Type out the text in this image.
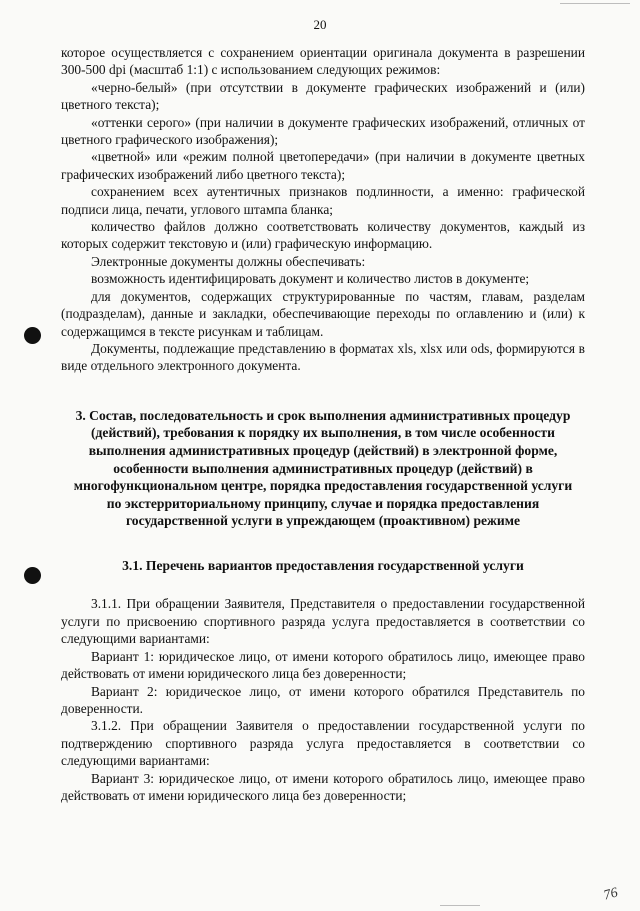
20

которое осуществляется с сохранением ориентации оригинала документа в разрешении 300-500 dpi (масштаб 1:1) с использованием следующих режимов:

«черно-белый» (при отсутствии в документе графических изображений и (или) цветного текста);

«оттенки серого» (при наличии в документе графических изображений, отличных от цветного графического изображения);

«цветной» или «режим полной цветопередачи» (при наличии в документе цветных графических изображений либо цветного текста);

сохранением всех аутентичных признаков подлинности, а именно: графической подписи лица, печати, углового штампа бланка;

количество файлов должно соответствовать количеству документов, каждый из которых содержит текстовую и (или) графическую информацию.

Электронные документы должны обеспечивать:

возможность идентифицировать документ и количество листов в документе;

для документов, содержащих структурированные по частям, главам, разделам (подразделам), данные и закладки, обеспечивающие переходы по оглавлению и (или) к содержащимся в тексте рисункам и таблицам.

Документы, подлежащие представлению в форматах xls, xlsx или ods, формируются в виде отдельного электронного документа.

3. Состав, последовательность и срок выполнения административных процедур (действий), требования к порядку их выполнения, в том числе особенности выполнения административных процедур (действий) в электронной форме, особенности выполнения административных процедур (действий) в многофункциональном центре, порядка предоставления государственной услуги по экстерриториальному принципу, случае и порядка предоставления государственной услуги в упреждающем (проактивном) режиме
3.1. Перечень вариантов предоставления государственной услуги

3.1.1. При обращении Заявителя, Представителя о предоставлении государственной услуги по присвоению спортивного разряда услуга предоставляется в соответствии со следующими вариантами:

Вариант 1: юридическое лицо, от имени которого обратилось лицо, имеющее право действовать от имени юридического лица без доверенности;

Вариант 2: юридическое лицо, от имени которого обратился Представитель по доверенности.

3.1.2. При обращении Заявителя о предоставлении государственной услуги по подтверждению спортивного разряда услуга предоставляется в соответствии со следующими вариантами:

Вариант 3: юридическое лицо, от имени которого обратилось лицо, имеющее право действовать от имени юридического лица без доверенности;

76
